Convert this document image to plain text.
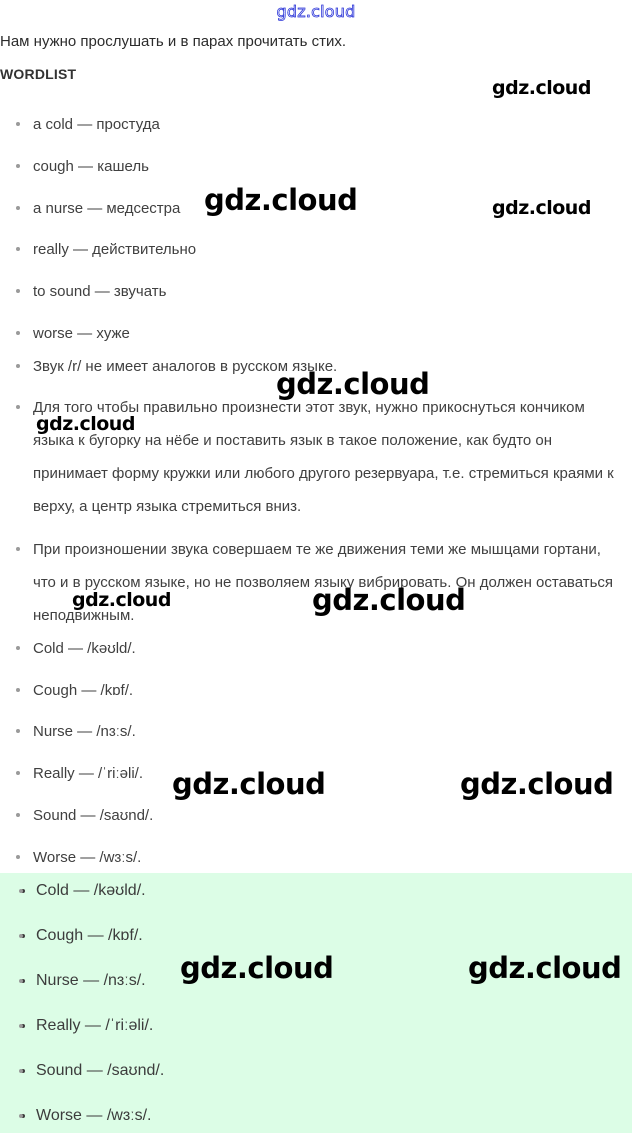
gdz.cloud
Нам нужно прослушать и в парах прочитать стих.
WORDLIST
a cold — простуда
cough — кашель
a nurse — медсестра
really — действительно
to sound — звучать
worse — хуже
Звук /r/ не имеет аналогов в русском языке.
Для того чтобы правильно произнести этот звук, нужно прикоснуться кончиком языка к бугорку на нёбе и поставить язык в такое положение, как будто он принимает форму кружки или любого другого резервуара, т.е. стремиться краями к верху, а центр языка стремиться вниз.
При произношении звука совершаем те же движения теми же мышцами гортани, что и в русском языке, но не позволяем языку вибрировать. Он должен оставаться неподвижным.
Cold — /kəʊld/.
Cough — /kɒf/.
Nurse — /nɜːs/.
Really — /ˈriːəli/.
Sound — /saʊnd/.
Worse — /wɜːs/.
• Cold — /kəʊld/.
• Cough — /kɒf/.
• Nurse — /nɜːs/.
• Really — /ˈriːəli/.
• Sound — /saʊnd/.
• Worse — /wɜːs/.
gdz.cloud
gdz.cloud	gdz.cloud
gdz.cloud
gdz.cloud
gdz.cloud	gdz.cloud
gdz.cloud	gdz.cloud
gdz.cloud	gdz.cloud
